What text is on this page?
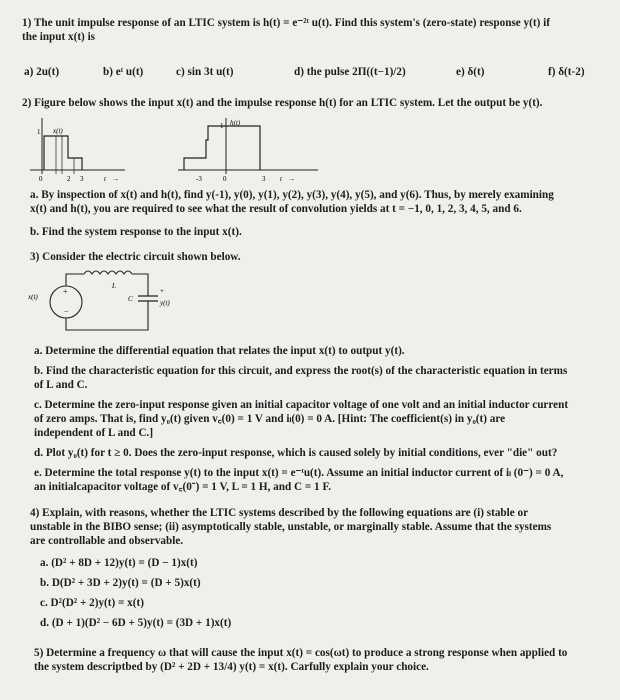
1) The unit impulse response of an LTIC system is h(t) = e⁻²ᵗ u(t). Find this system's (zero-state) response y(t) if
the input x(t) is
a) 2u(t)	b) eᵗ u(t)	c) sin 3t u(t)	d) the pulse 2Π((t−1)/2)	e) δ(t)	f) δ(t-2)
2) Figure below shows the input x(t) and the impulse response h(t) for an LTIC system. Let the output be y(t).
1 x(t)
0	2 3	t →
1 h(t)
-3	0	3 t →
a. By inspection of x(t) and h(t), find y(-1), y(0), y(1), y(2), y(3), y(4), y(5), and y(6). Thus, by merely examining
x(t) and h(t), you are required to see what the result of convolution yields at t = −1, 0, 1, 2, 3, 4, 5, and 6.
b. Find the system response to the input x(t).
3) Consider the electric circuit shown below.
x(t)
+
−
L
C
+
y(t)
a. Determine the differential equation that relates the input x(t) to output y(t).
b. Find the characteristic equation for this circuit, and express the root(s) of the characteristic equation in terms
of L and C.
c. Determine the zero-input response given an initial capacitor voltage of one volt and an initial inductor current
of zero amps. That is, find y₀(t) given v꜀(0) = 1 V and iₗ(0) = 0 A. [Hint: The coefficient(s) in y₀(t) are
independent of L and C.]
d. Plot y₀(t) for t ≥ 0. Does the zero-input response, which is caused solely by initial conditions, ever "die" out?
e. Determine the total response y(t) to the input x(t) = e⁻ᵗu(t). Assume an initial inductor current of iₗ (0⁻) = 0 A,
an initialcapacitor voltage of v꜀(0⁻) = 1 V, L = 1 H, and C = 1 F.
4) Explain, with reasons, whether the LTIC systems described by the following equations are (i) stable or
unstable in the BIBO sense; (ii) asymptotically stable, unstable, or marginally stable. Assume that the systems
are controllable and observable.
a. (D² + 8D + 12)y(t) = (D − 1)x(t)
b. D(D² + 3D + 2)y(t) = (D + 5)x(t)
c. D²(D² + 2)y(t) = x(t)
d. (D + 1)(D² − 6D + 5)y(t) = (3D + 1)x(t)
5) Determine a frequency ω that will cause the input x(t) = cos(ωt) to produce a strong response when applied to
the system descriptbed by (D² + 2D + 13/4) y(t) = x(t). Carfully explain your choice.
